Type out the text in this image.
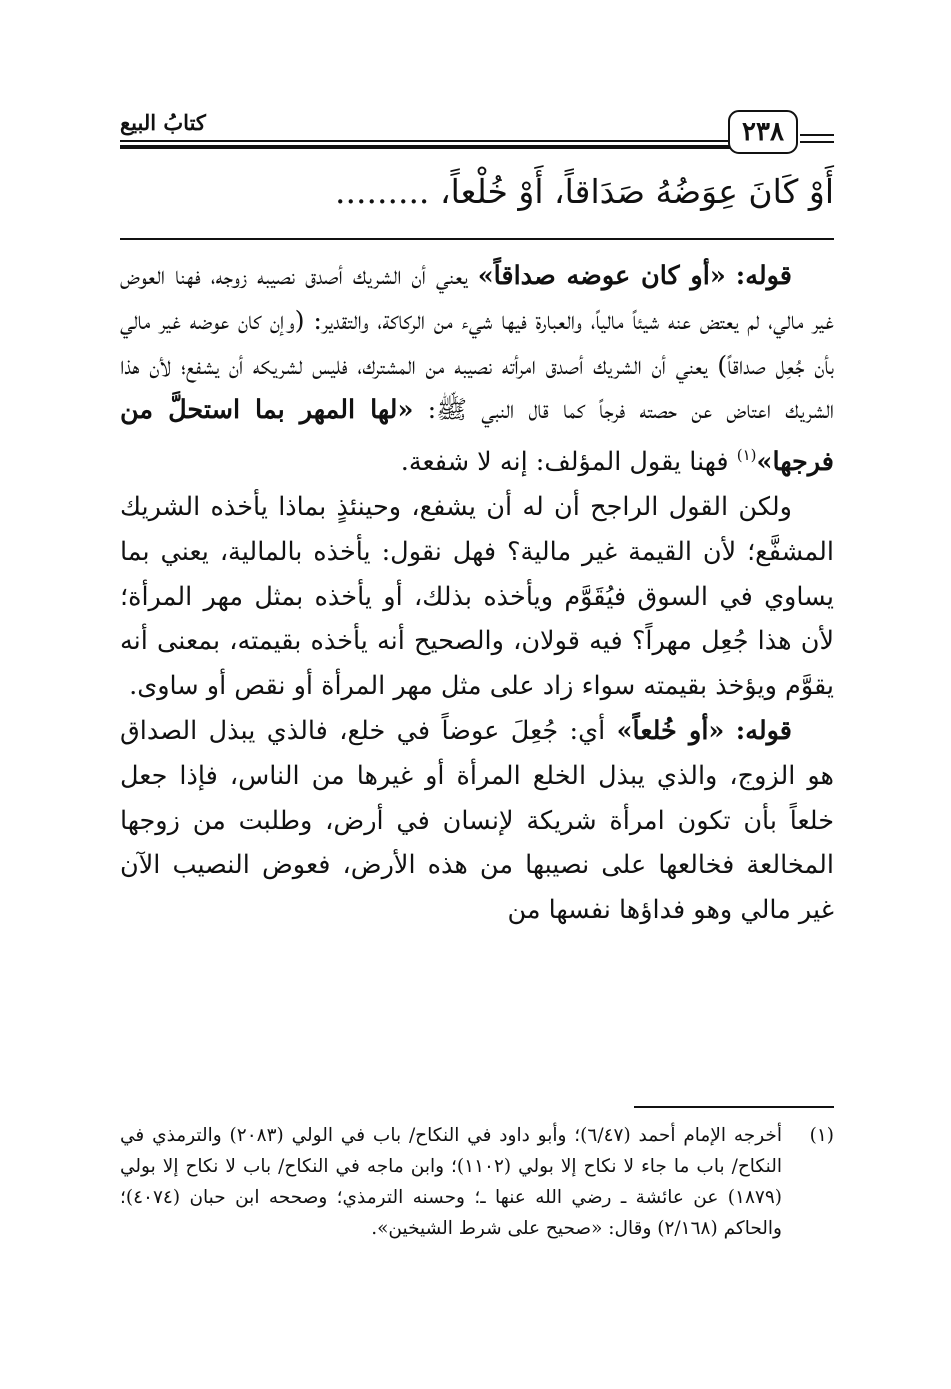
٢٣٨
كتابُ البيع
أَوْ كَانَ عِوَضُهُ صَدَاقاً، أَوْ خُلْعاً، .........

قوله: «أو كان عوضه صداقاً» يعني أن الشريك أصدق نصيبه زوجه، فهنا العوض غير مالي، لم يعتض عنه شيئاً مالياً، والعبارة فيها شيء من الركاكة، والتقدير: (وإن كان عوضه غير مالي بأن جُعِل صداقاً) يعني أن الشريك أصدق امرأته نصيبه من المشترك، فليس لشريكه أن يشفع؛ لأن هذا الشريك اعتاض عن حصته فرجاً كما قال النبي ﷺ: «لها المهر بما استحلَّ من فرجها»$^{(١)}$ فهنا يقول المؤلف: إنه لا شفعة.

ولكن القول الراجح أن له أن يشفع، وحينئذٍ بماذا يأخذه الشريك المشفَّع؛ لأن القيمة غير مالية؟ فهل نقول: يأخذه بالمالية، يعني بما يساوي في السوق فيُقَوَّم ويأخذه بذلك، أو يأخذه بمثل مهر المرأة؛ لأن هذا جُعِل مهراً؟ فيه قولان، والصحيح أنه يأخذه بقيمته، بمعنى أنه يقوَّم ويؤخذ بقيمته سواء زاد على مثل مهر المرأة أو نقص أو ساوى.

قوله: «أو خُلعاً» أي: جُعِلَ عوضاً في خلع، فالذي يبذل الصداق هو الزوج، والذي يبذل الخلع المرأة أو غيرها من الناس، فإذا جعل خلعاً بأن تكون امرأة شريكة لإنسان في أرض، وطلبت من زوجها المخالعة فخالعها على نصيبها من هذه الأرض، فعوض النصيب الآن غير مالي وهو فداؤها نفسها من

(١)
أخرجه الإمام أحمد (٦/٤٧)؛ وأبو داود في النكاح/ باب في الولي (٢٠٨٣) والترمذي في النكاح/ باب ما جاء لا نكاح إلا بولي (١١٠٢)؛ وابن ماجه في النكاح/ باب لا نكاح إلا بولي (١٨٧٩) عن عائشة ـ رضي الله عنها ـ؛ وحسنه الترمذي؛ وصححه ابن حبان (٤٠٧٤)؛ والحاكم (٢/١٦٨) وقال: «صحيح على شرط الشيخين».
